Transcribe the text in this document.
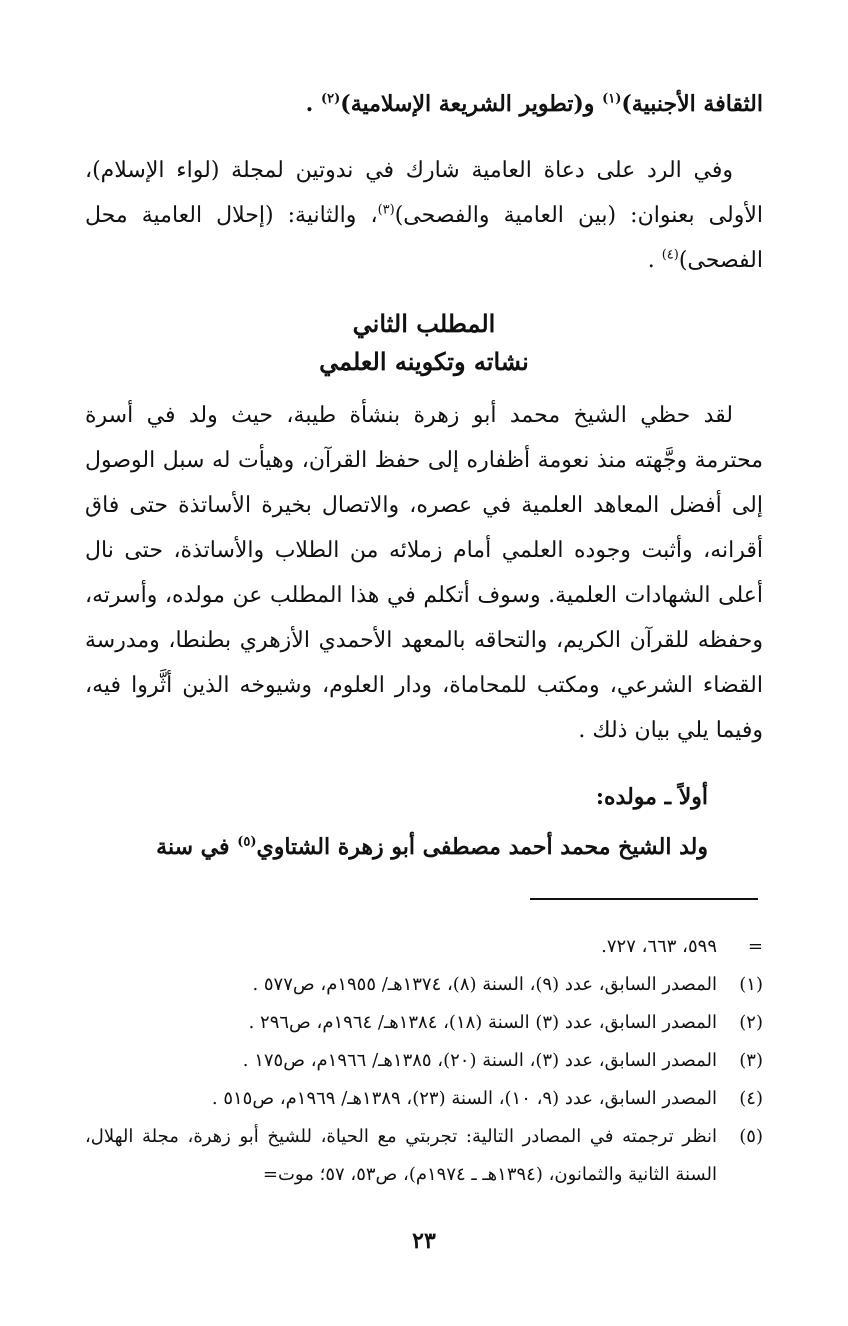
الثقافة الأجنبية)$^{(١)}$ و(تطوير الشريعة الإسلامية)$^{(٢)}$ .
وفي الرد على دعاة العامية شارك في ندوتين لمجلة (لواء الإسلام)، الأولى بعنوان: (بين العامية والفصحى)$^{(٣)}$، والثانية: (إحلال العامية محل الفصحى)$^{(٤)}$ .
المطلب الثاني
نشاته وتكوينه العلمي
لقد حظي الشيخ محمد أبو زهرة بنشأة طيبة، حيث ولد في أسرة محترمة وجَّهته منذ نعومة أظفاره إلى حفظ القرآن، وهيأت له سبل الوصول إلى أفضل المعاهد العلمية في عصره، والاتصال بخيرة الأساتذة حتى فاق أقرانه، وأثبت وجوده العلمي أمام زملائه من الطلاب والأساتذة، حتى نال أعلى الشهادات العلمية. وسوف أتكلم في هذا المطلب عن مولده، وأسرته، وحفظه للقرآن الكريم، والتحاقه بالمعهد الأحمدي الأزهري بطنطا، ومدرسة القضاء الشرعي، ومكتب للمحاماة، ودار العلوم، وشيوخه الذين أثَّروا فيه، وفيما يلي بيان ذلك .
أولاً ـ مولده:
ولد الشيخ محمد أحمد مصطفى أبو زهرة الشتاوي$^{(٥)}$ في سنة
=
٥٩٩، ٦٦٣، ٧٢٧.
(١)
المصدر السابق، عدد (٩)، السنة (٨)، ١٣٧٤هـ/ ١٩٥٥م، ص٥٧٧ .
(٢)
المصدر السابق، عدد (٣) السنة (١٨)، ١٣٨٤هـ/ ١٩٦٤م، ص٢٩٦ .
(٣)
المصدر السابق، عدد (٣)، السنة (٢٠)، ١٣٨٥هـ/ ١٩٦٦م، ص١٧٥ .
(٤)
المصدر السابق، عدد (٩، ١٠)، السنة (٢٣)، ١٣٨٩هـ/ ١٩٦٩م، ص٥١٥ .
(٥)
انظر ترجمته في المصادر التالية: تجربتي مع الحياة، للشيخ أبو زهرة، مجلة الهلال، السنة الثانية والثمانون، (١٣٩٤هـ ـ ١٩٧٤م)، ص٥٣، ٥٧؛ موت=
٢٣
